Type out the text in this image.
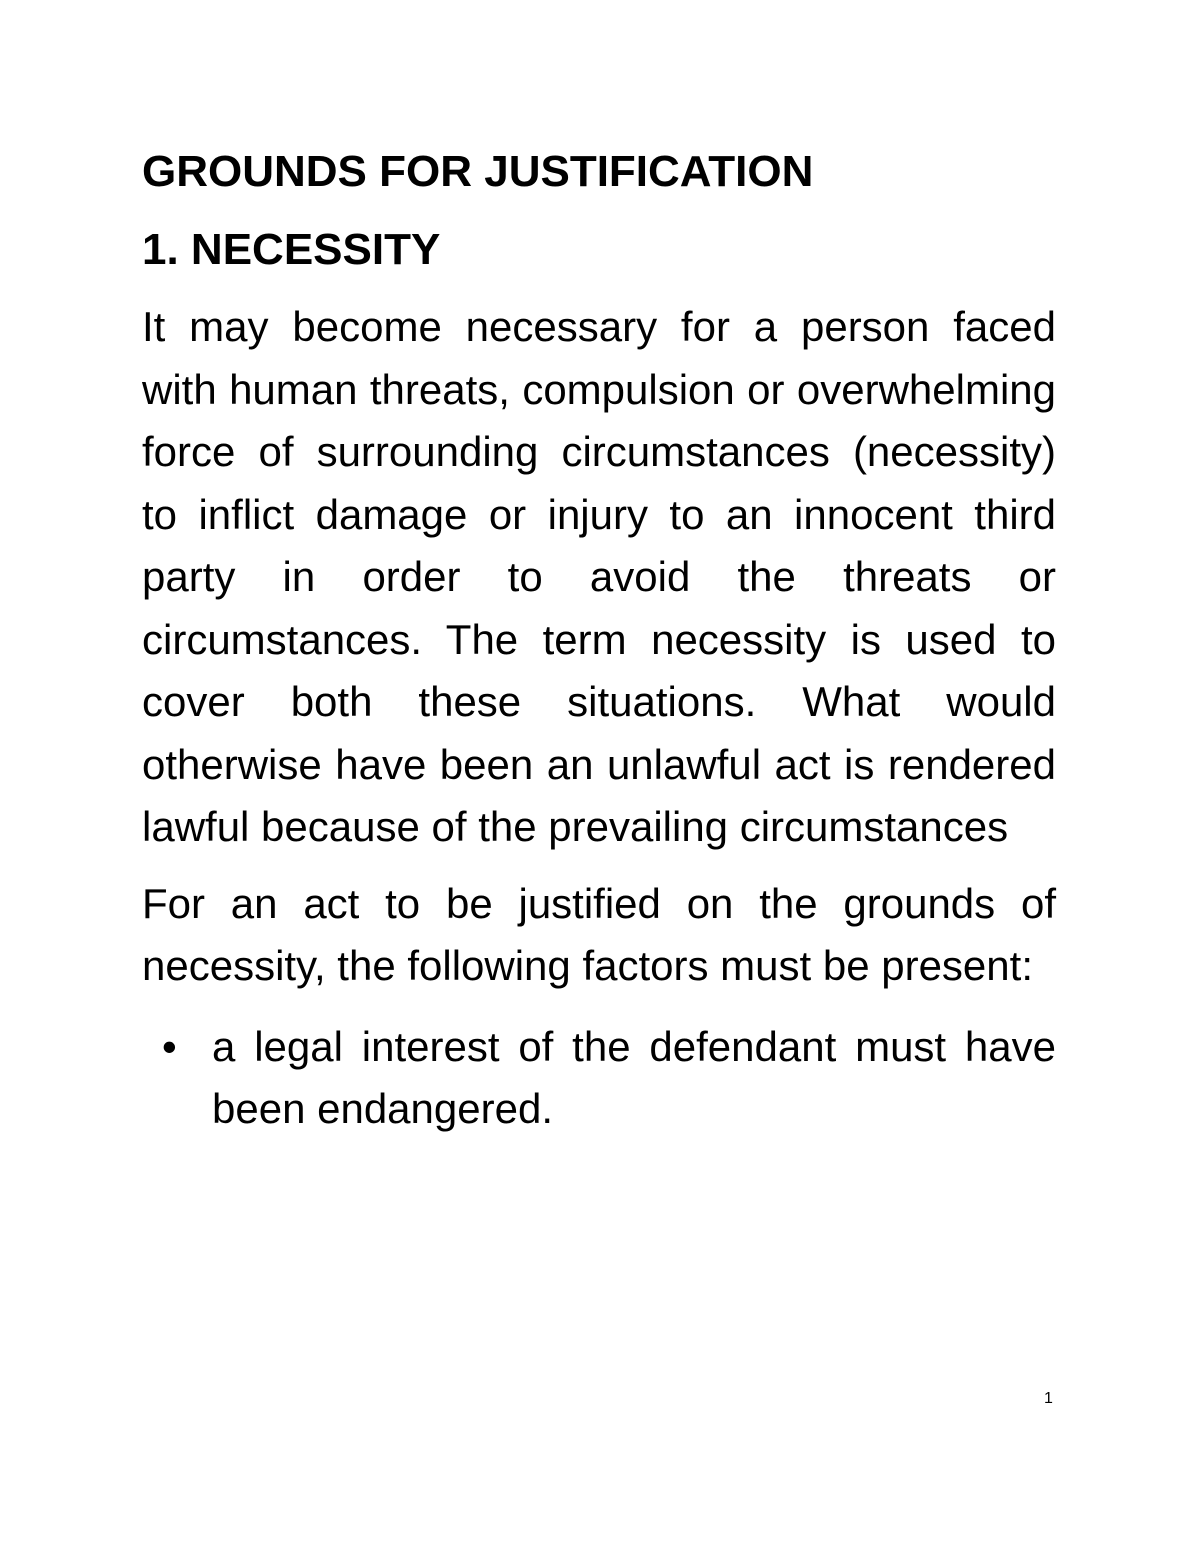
GROUNDS FOR JUSTIFICATION
1. NECESSITY

It may become necessary for a person faced with human threats, compulsion or overwhelming force of surrounding circumstances (necessity) to inflict damage or injury to an innocent third party in order to avoid the threats or circumstances. The term necessity is used to cover both these situations. What would otherwise have been an unlawful act is rendered lawful because of the prevailing circumstances

For an act to be justified on the grounds of necessity, the following factors must be present:

• a legal interest of the defendant must have been endangered.
1
